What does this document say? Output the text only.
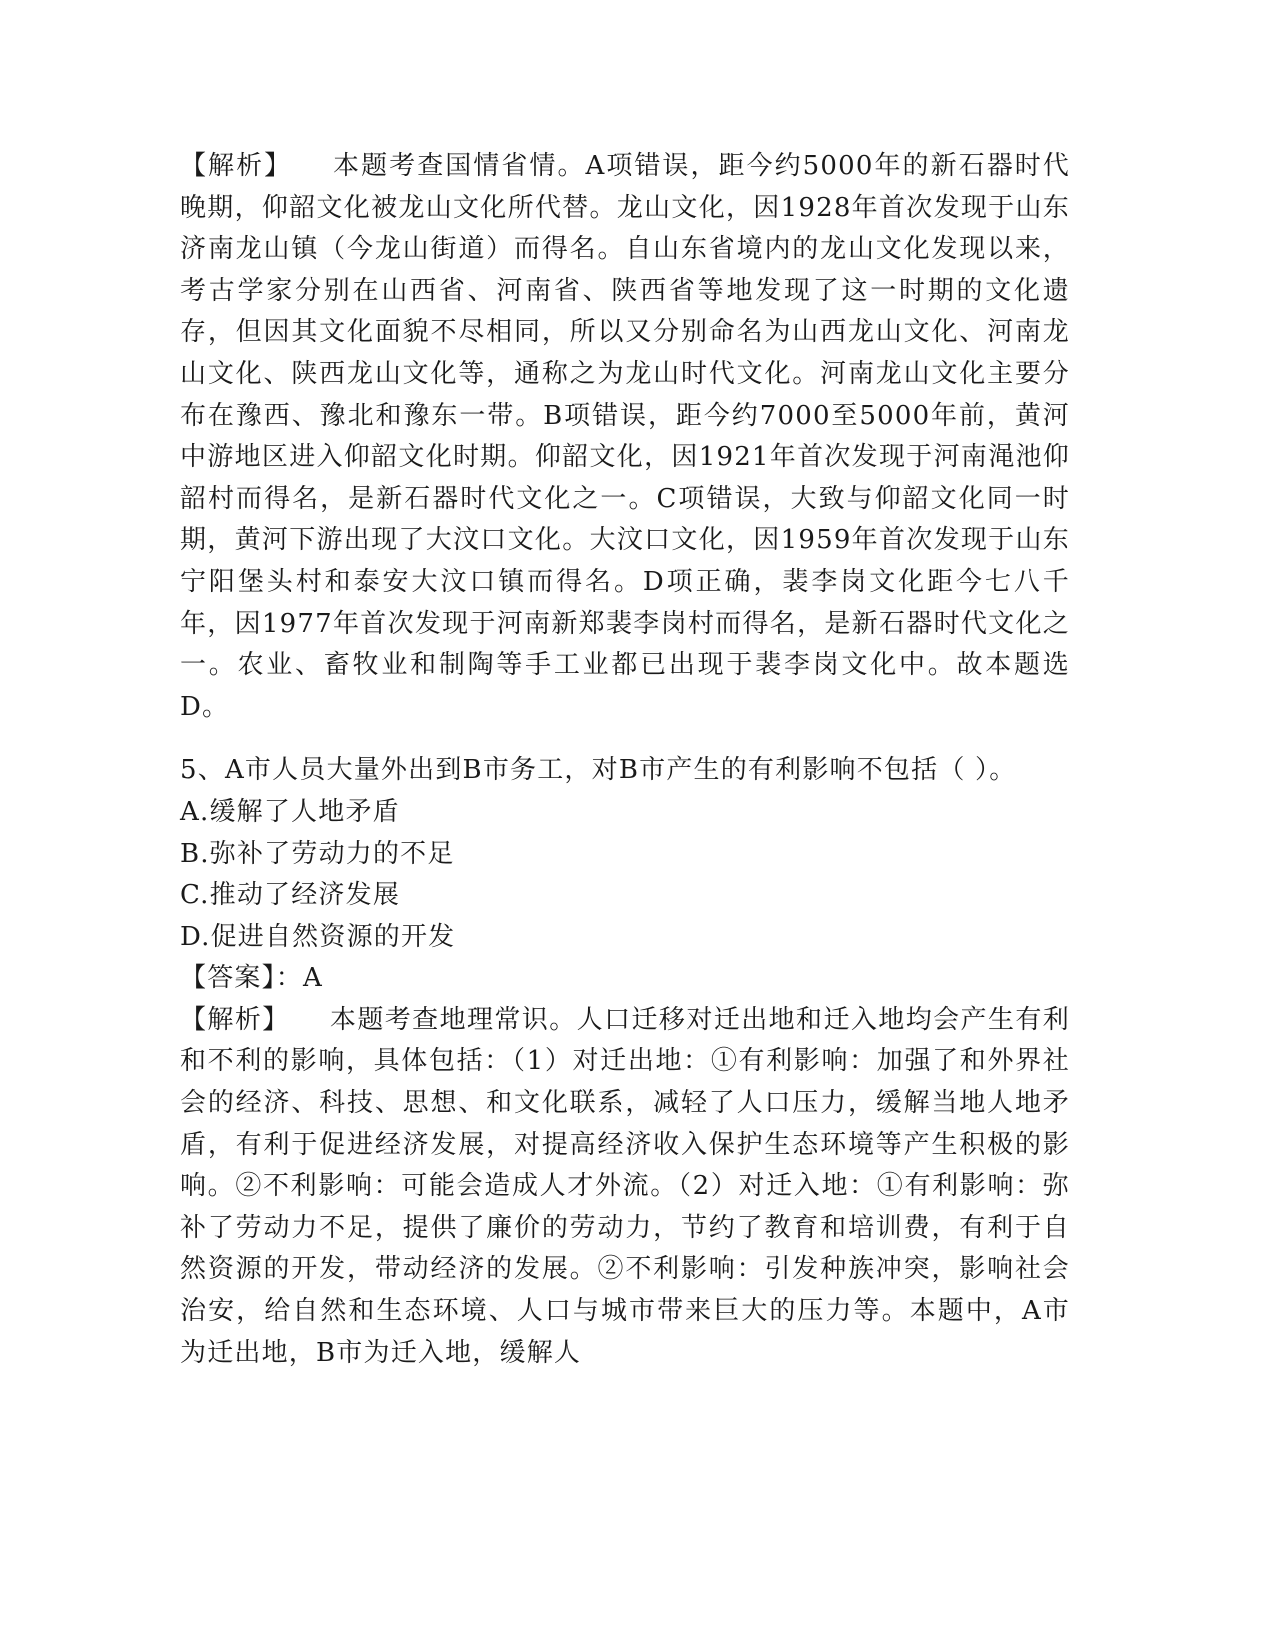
【解析】 本题考查国情省情。A项错误，距今约5000年的新石器时代晚期，仰韶文化被龙山文化所代替。龙山文化，因1928年首次发现于山东济南龙山镇（今龙山街道）而得名。自山东省境内的龙山文化发现以来，考古学家分别在山西省、河南省、陕西省等地发现了这一时期的文化遗存，但因其文化面貌不尽相同，所以又分别命名为山西龙山文化、河南龙山文化、陕西龙山文化等，通称之为龙山时代文化。河南龙山文化主要分布在豫西、豫北和豫东一带。B项错误，距今约7000至5000年前，黄河中游地区进入仰韶文化时期。仰韶文化，因1921年首次发现于河南渑池仰韶村而得名，是新石器时代文化之一。C项错误，大致与仰韶文化同一时期，黄河下游出现了大汶口文化。大汶口文化，因1959年首次发现于山东宁阳堡头村和泰安大汶口镇而得名。D项正确，裴李岗文化距今七八千年，因1977年首次发现于河南新郑裴李岗村而得名，是新石器时代文化之一。农业、畜牧业和制陶等手工业都已出现于裴李岗文化中。故本题选D。

5、A市人员大量外出到B市务工，对B市产生的有利影响不包括（ ）。

A.缓解了人地矛盾

B.弥补了劳动力的不足

C.推动了经济发展

D.促进自然资源的开发

【答案】：A

【解析】 本题考查地理常识。人口迁移对迁出地和迁入地均会产生有利和不利的影响，具体包括：（1）对迁出地：①有利影响：加强了和外界社会的经济、科技、思想、和文化联系，减轻了人口压力，缓解当地人地矛盾，有利于促进经济发展，对提高经济收入保护生态环境等产生积极的影响。②不利影响：可能会造成人才外流。（2）对迁入地：①有利影响：弥补了劳动力不足，提供了廉价的劳动力，节约了教育和培训费，有利于自然资源的开发，带动经济的发展。②不利影响：引发种族冲突，影响社会治安，给自然和生态环境、人口与城市带来巨大的压力等。本题中，A市为迁出地，B市为迁入地，缓解人
